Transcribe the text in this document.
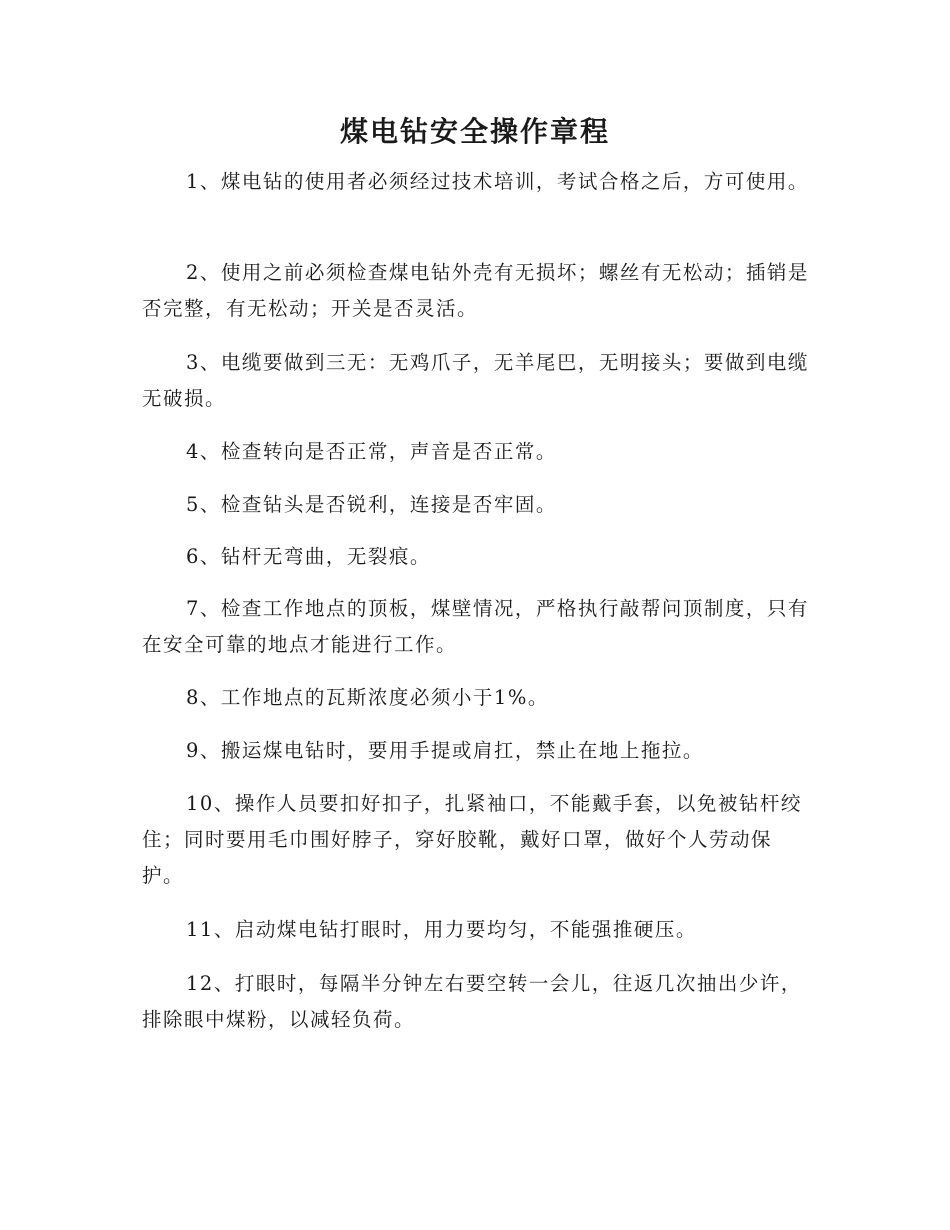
煤电钻安全操作章程
1、煤电钻的使用者必须经过技术培训，考试合格之后，方可使用。
2、使用之前必须检查煤电钻外壳有无损坏；螺丝有无松动；插销是否完整，有无松动；开关是否灵活。
3、电缆要做到三无：无鸡爪子，无羊尾巴，无明接头；要做到电缆无破损。
4、检查转向是否正常，声音是否正常。
5、检查钻头是否锐利，连接是否牢固。
6、钻杆无弯曲，无裂痕。
7、检查工作地点的顶板，煤壁情况，严格执行敲帮问顶制度，只有在安全可靠的地点才能进行工作。
8、工作地点的瓦斯浓度必须小于1%。
9、搬运煤电钻时，要用手提或肩扛，禁止在地上拖拉。
10、操作人员要扣好扣子，扎紧袖口，不能戴手套，以免被钻杆绞住；同时要用毛巾围好脖子，穿好胶靴，戴好口罩，做好个人劳动保护。
11、启动煤电钻打眼时，用力要均匀，不能强推硬压。
12、打眼时，每隔半分钟左右要空转一会儿，往返几次抽出少许，排除眼中煤粉，以减轻负荷。
